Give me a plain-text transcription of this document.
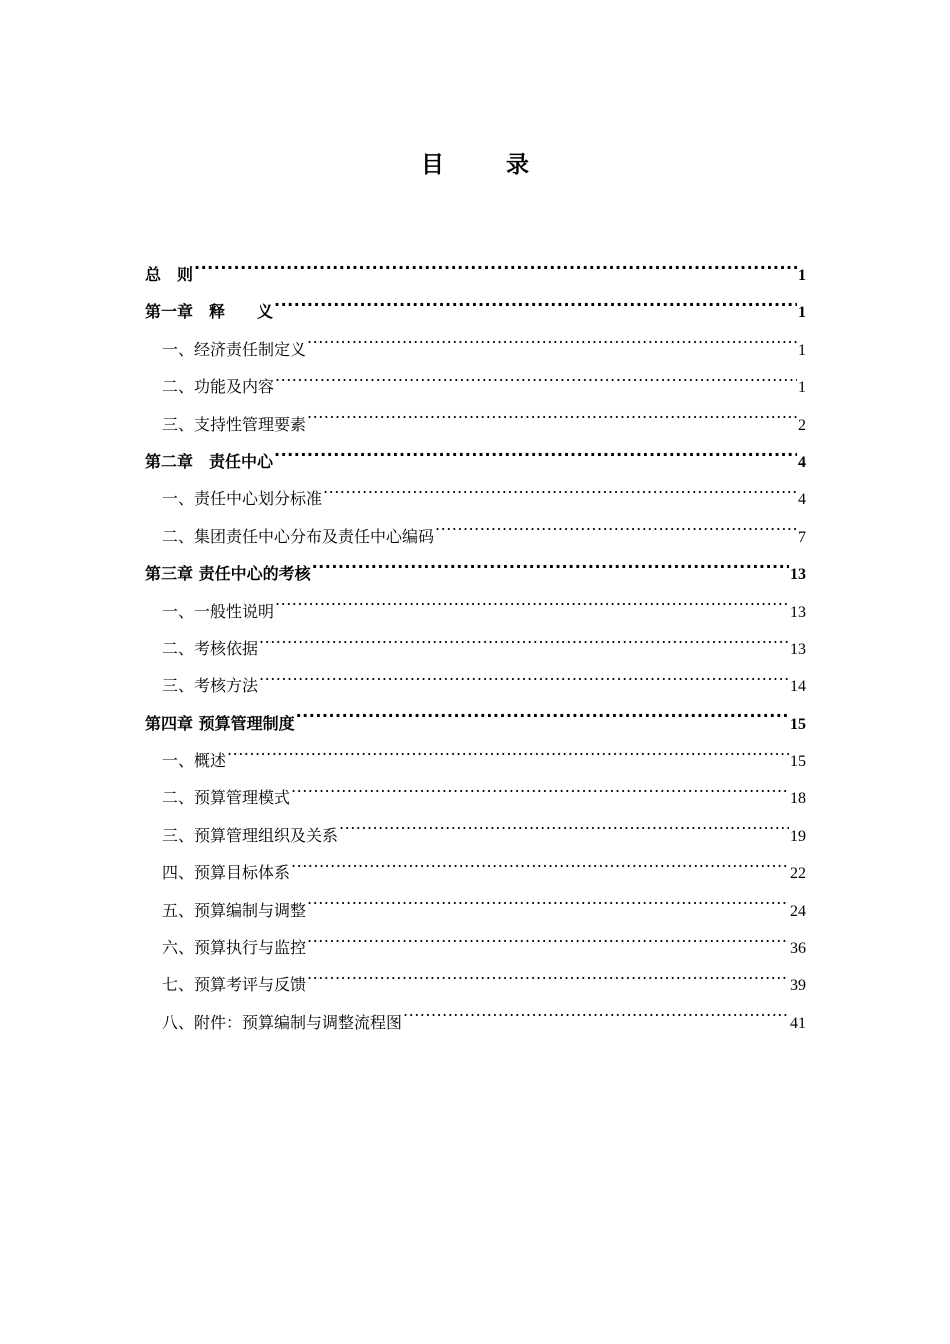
目	录
总　则 .....	1
第一章　释　　义 .....	1
一、经济责任制定义 .....	1
二、功能及内容 .....	1
三、支持性管理要素 .....	2
第二章　责任中心 .....	4
一、责任中心划分标准 .....	4
二、集团责任中心分布及责任中心编码 .....	7
第三章 责任中心的考核 .....	13
一、一般性说明 .....	13
二、考核依据 .....	13
三、考核方法 .....	14
第四章 预算管理制度 .....	15
一、概述 .....	15
二、预算管理模式 .....	18
三、预算管理组织及关系 .....	19
四、预算目标体系 .....	22
五、预算编制与调整 .....	24
六、预算执行与监控 .....	36
七、预算考评与反馈 .....	39
八、附件：预算编制与调整流程图 .....	41
